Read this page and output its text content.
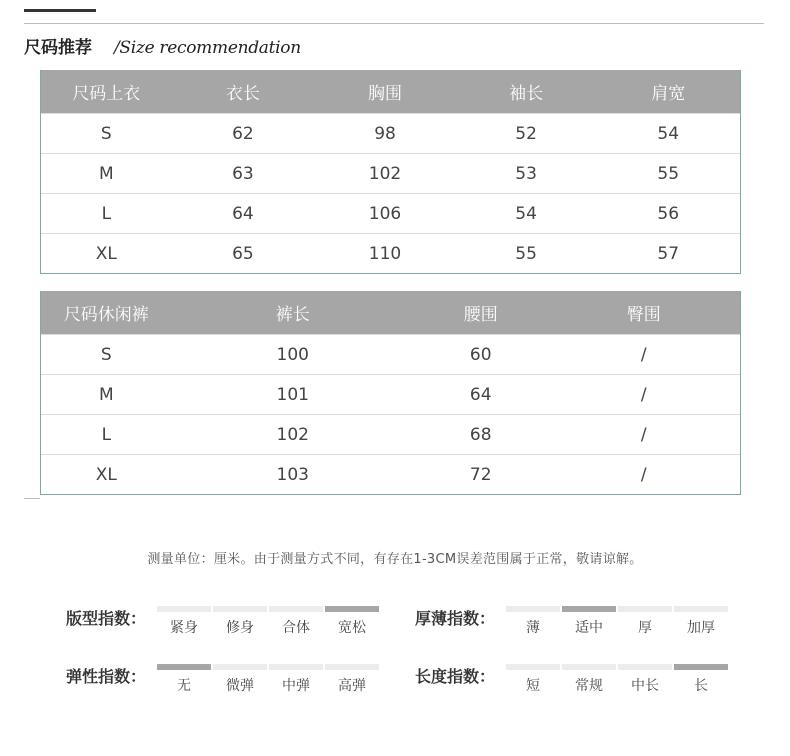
尺码推荐 /Size recommendation
尺码上衣	衣长	胸围	袖长	肩宽
S	62	98	52	54
M	63	102	53	55
L	64	106	54	56
XL	65	110	55	57
尺码休闲裤	裤长	腰围	臀围
S	100	60	/
M	101	64	/
L	102	68	/
XL	103	72	/
测量单位：厘米。由于测量方式不同，有存在1-3CM误差范围属于正常，敬请谅解。
版型指数：	紧身	修身	合体	宽松	厚薄指数：	薄	适中	厚	加厚
弹性指数：	无	微弹	中弹	高弹	长度指数：	短	常规	中长	长
